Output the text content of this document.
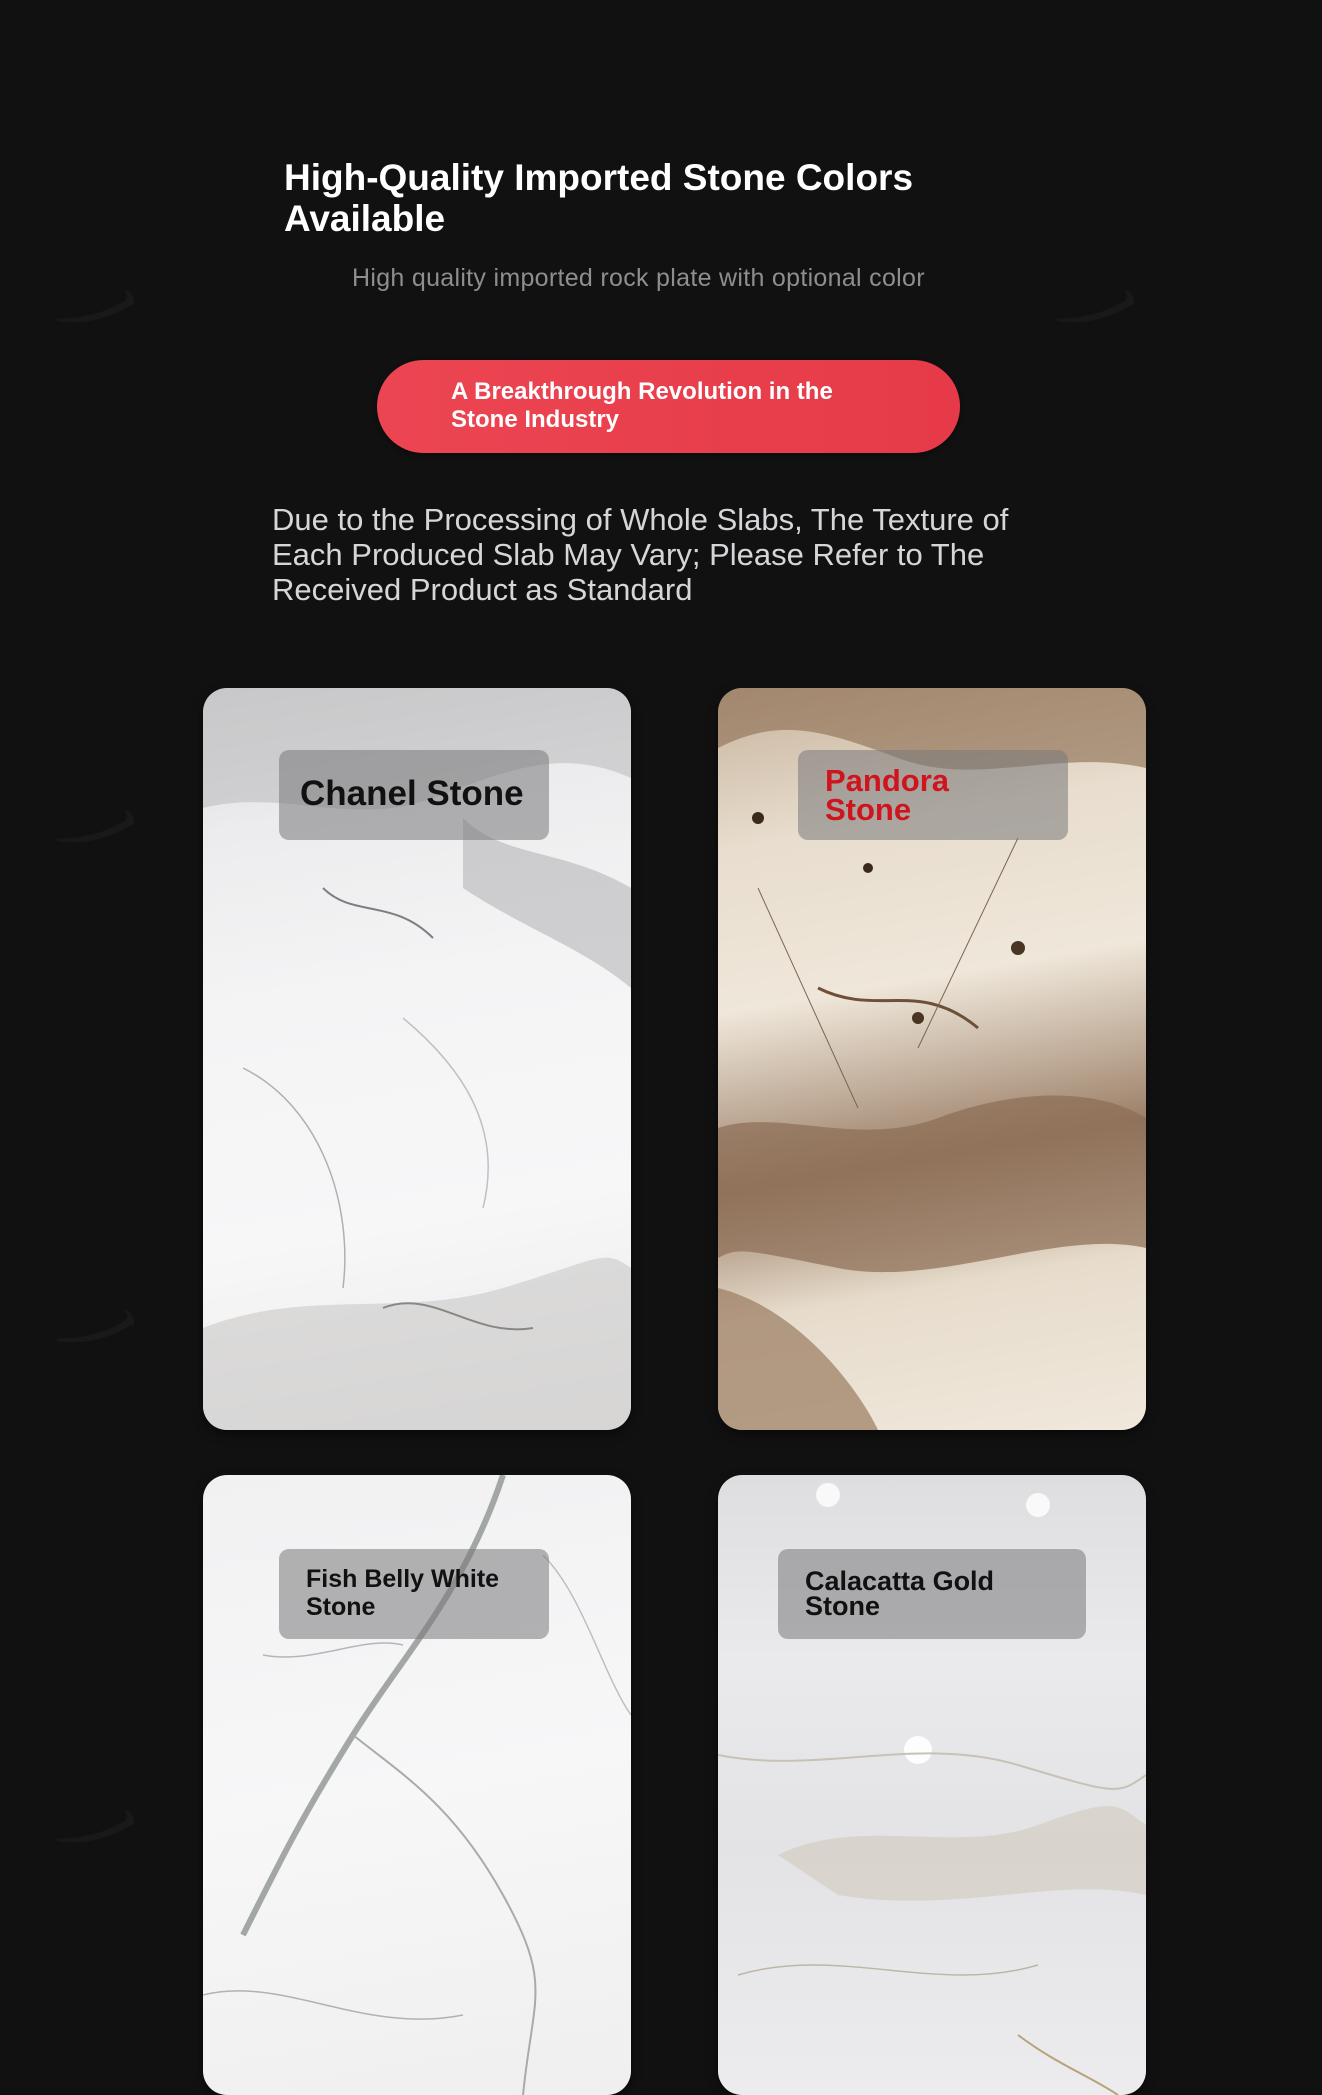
High-Quality Imported Stone Colors Available
High quality imported rock plate with optional color
A Breakthrough Revolution in the Stone Industry
Due to the Processing of Whole Slabs, The Texture of Each Produced Slab May Vary; Please Refer to The Received Product as Standard
Chanel Stone	Pandora Stone
Fish Belly White Stone
Calacatta Gold Stone
